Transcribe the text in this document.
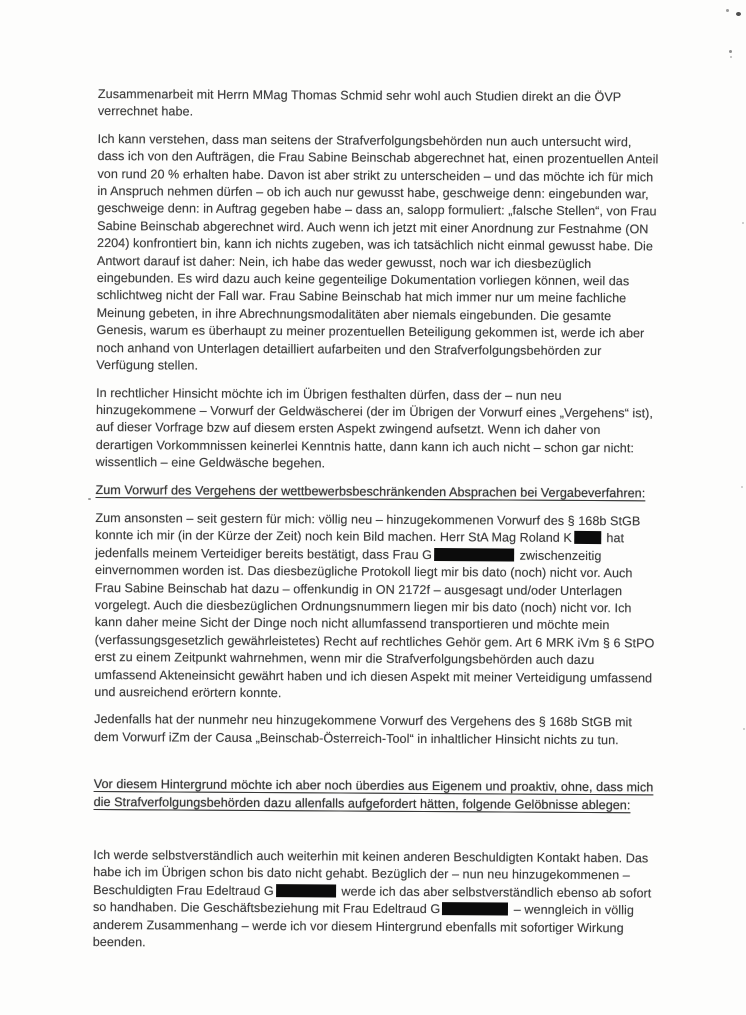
Zusammenarbeit mit Herrn MMag Thomas Schmid sehr wohl auch Studien direkt an die ÖVP verrechnet habe.

Ich kann verstehen, dass man seitens der Strafverfolgungsbehörden nun auch untersucht wird, dass ich von den Aufträgen, die Frau Sabine Beinschab abgerechnet hat, einen prozentuellen Anteil von rund 20 % erhalten habe. Davon ist aber strikt zu unterscheiden – und das möchte ich für mich in Anspruch nehmen dürfen – ob ich auch nur gewusst habe, geschweige denn: eingebunden war, geschweige denn: in Auftrag gegeben habe – dass an, salopp formuliert: „falsche Stellen“, von Frau Sabine Beinschab abgerechnet wird. Auch wenn ich jetzt mit einer Anordnung zur Festnahme (ON 2204) konfrontiert bin, kann ich nichts zugeben, was ich tatsächlich nicht einmal gewusst habe. Die Antwort darauf ist daher: Nein, ich habe das weder gewusst, noch war ich diesbezüglich eingebunden. Es wird dazu auch keine gegenteilige Dokumentation vorliegen können, weil das schlichtweg nicht der Fall war. Frau Sabine Beinschab hat mich immer nur um meine fachliche Meinung gebeten, in ihre Abrechnungsmodalitäten aber niemals eingebunden. Die gesamte Genesis, warum es überhaupt zu meiner prozentuellen Beteiligung gekommen ist, werde ich aber noch anhand von Unterlagen detailliert aufarbeiten und den Strafverfolgungsbehörden zur Verfügung stellen.

In rechtlicher Hinsicht möchte ich im Übrigen festhalten dürfen, dass der – nun neu hinzugekommene – Vorwurf der Geldwäscherei (der im Übrigen der Vorwurf eines „Vergehens“ ist), auf dieser Vorfrage bzw auf diesem ersten Aspekt zwingend aufsetzt. Wenn ich daher von derartigen Vorkommnissen keinerlei Kenntnis hatte, dann kann ich auch nicht – schon gar nicht: wissentlich – eine Geldwäsche begehen.

Zum Vorwurf des Vergehens der wettbewerbsbeschränkenden Absprachen bei Vergabeverfahren:

Zum ansonsten – seit gestern für mich: völlig neu – hinzugekommenen Vorwurf des § 168b StGB konnte ich mir (in der Kürze der Zeit) noch kein Bild machen. Herr StA Mag Roland K hat jedenfalls meinem Verteidiger bereits bestätigt, dass Frau G	zwischenzeitig einvernommen worden ist. Das diesbezügliche Protokoll liegt mir bis dato (noch) nicht vor. Auch Frau Sabine Beinschab hat dazu – offenkundig in ON 2172f – ausgesagt und/oder Unterlagen vorgelegt. Auch die diesbezüglichen Ordnungsnummern liegen mir bis dato (noch) nicht vor. Ich kann daher meine Sicht der Dinge noch nicht allumfassend transportieren und möchte mein (verfassungsgesetzlich gewährleistetes) Recht auf rechtliches Gehör gem. Art 6 MRK iVm § 6 StPO erst zu einem Zeitpunkt wahrnehmen, wenn mir die Strafverfolgungsbehörden auch dazu umfassend Akteneinsicht gewährt haben und ich diesen Aspekt mit meiner Verteidigung umfassend und ausreichend erörtern konnte.

Jedenfalls hat der nunmehr neu hinzugekommene Vorwurf des Vergehens des § 168b StGB mit dem Vorwurf iZm der Causa „Beinschab-Österreich-Tool“ in inhaltlicher Hinsicht nichts zu tun.

Vor diesem Hintergrund möchte ich aber noch überdies aus Eigenem und proaktiv, ohne, dass mich die Strafverfolgungsbehörden dazu allenfalls aufgefordert hätten, folgende Gelöbnisse ablegen:

Ich werde selbstverständlich auch weiterhin mit keinen anderen Beschuldigten Kontakt haben. Das habe ich im Übrigen schon bis dato nicht gehabt. Bezüglich der – nun neu hinzugekommenen – Beschuldigten Frau Edeltraud G	werde ich das aber selbstverständlich ebenso ab sofort so handhaben. Die Geschäftsbeziehung mit Frau Edeltraud G	– wenngleich in völlig anderem Zusammenhang – werde ich vor diesem Hintergrund ebenfalls mit sofortiger Wirkung beenden.
